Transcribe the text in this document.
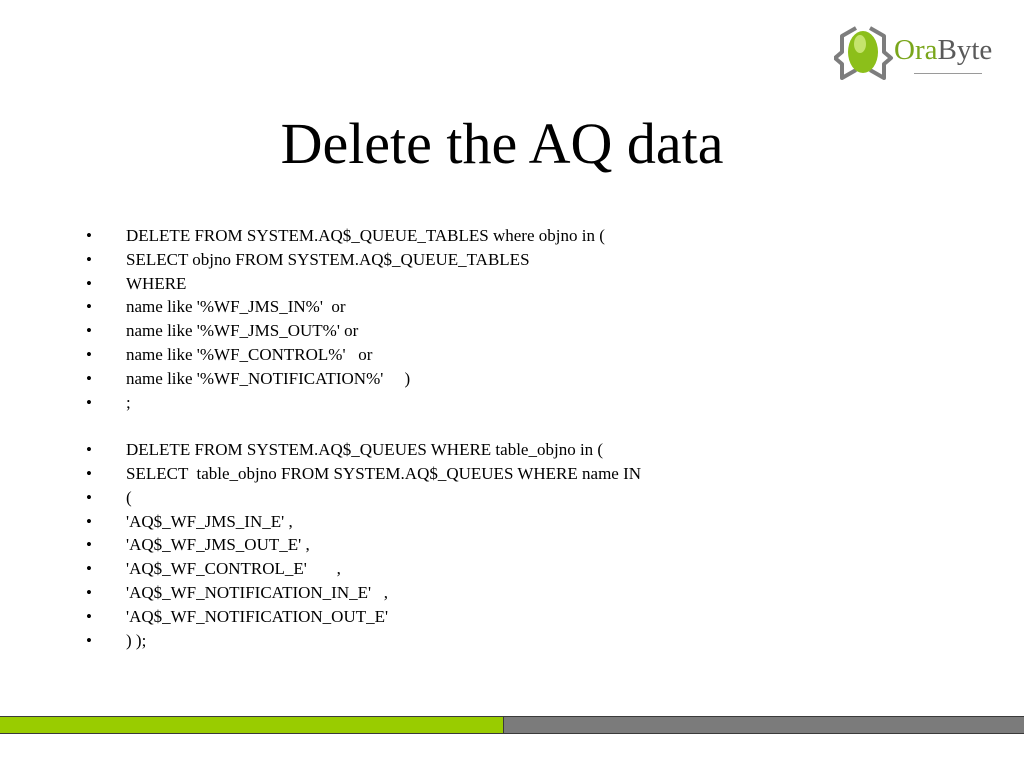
OraByte
Delete the AQ data
• DELETE FROM SYSTEM.AQ$_QUEUE_TABLES where objno in (
• SELECT objno FROM SYSTEM.AQ$_QUEUE_TABLES
• WHERE
• name like '%WF_JMS_IN%'  or
• name like '%WF_JMS_OUT%' or
• name like '%WF_CONTROL%'   or
• name like '%WF_NOTIFICATION%'     )
• ;
• DELETE FROM SYSTEM.AQ$_QUEUES WHERE table_objno in (
• SELECT  table_objno FROM SYSTEM.AQ$_QUEUES WHERE name IN
• (
• 'AQ$_WF_JMS_IN_E' ,
• 'AQ$_WF_JMS_OUT_E' ,
• 'AQ$_WF_CONTROL_E'       ,
• 'AQ$_WF_NOTIFICATION_IN_E'   ,
• 'AQ$_WF_NOTIFICATION_OUT_E'
• ) );
